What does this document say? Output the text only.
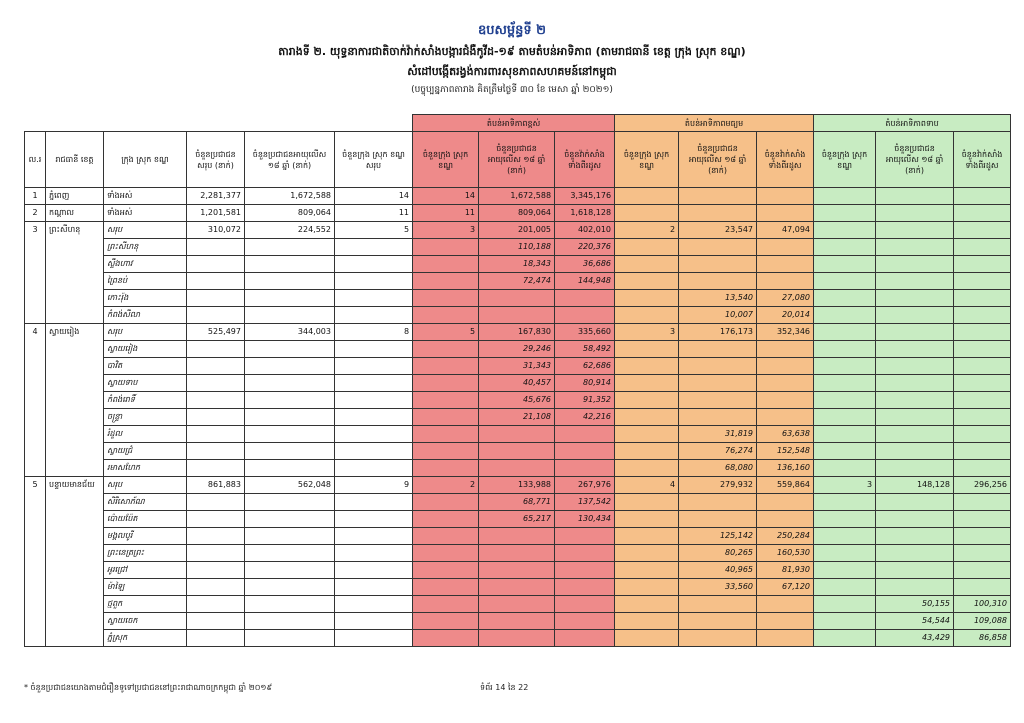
ឧបសម្ព័ន្ធទី ២
តារាងទី ២. យុទ្ធនាការជាតិចាក់វ៉ាក់សាំងបង្ការជំងឺកូវីដ-១៩ តាមតំបន់អាទិភាព (តាមរាជធានី ខេត្ត ក្រុង ស្រុក ខណ្ឌ)
សំដៅបង្កើតរង្វង់ការពារសុខភាពសហគមន៍នៅកម្ពុជា
(បច្ចុប្បន្នភាពតារាង គិតត្រឹមថ្ងៃទី ៣០ ខែ មេសា ឆ្នាំ ២០២១)
						តំបន់អាទិភាពខ្ពស់			តំបន់អាទិភាពមធ្យម			តំបន់អាទិភាពទាប		
ល.រ	រាជធានី ខេត្ត	ក្រុង ស្រុក ខណ្ឌ	ចំនួនប្រជាជនសរុប (នាក់)	ចំនួនប្រជាជនអាយុលើស ១៨ ឆ្នាំ (នាក់)	ចំនួនក្រុង ស្រុក ខណ្ឌសរុប	ចំនួនក្រុង ស្រុក ខណ្ឌ	ចំនួនប្រជាជនអាយុលើស ១៨ ឆ្នាំ (នាក់)	ចំនួនវ៉ាក់សាំងទាំងពីរដូស	ចំនួនក្រុង ស្រុក ខណ្ឌ	ចំនួនប្រជាជនអាយុលើស ១៨ ឆ្នាំ (នាក់)	ចំនួនវ៉ាក់សាំងទាំងពីរដូស	ចំនួនក្រុង ស្រុក ខណ្ឌ	ចំនួនប្រជាជនអាយុលើស ១៨ ឆ្នាំ (នាក់)	ចំនួនវ៉ាក់សាំងទាំងពីរដូស
1	ភ្នំពេញ	ទាំងអស់	2,281,377	1,672,588	14	14	1,672,588	3,345,176						
2	កណ្ដាល	ទាំងអស់	1,201,581	809,064	11	11	809,064	1,618,128						
3	ព្រះសីហនុ	សរុប	310,072	224,552	5	3	201,005	402,010	2	23,547	47,094			
		ព្រះសីហនុ					110,188	220,376						
		ស្ទឹងហាវ					18,343	36,686						
		ព្រៃនប់					72,474	144,948						
		កោះរ៉ុង								13,540	27,080			
		កំពង់សីលា								10,007	20,014			
4	ស្វាយរៀង	សរុប	525,497	344,003	8	5	167,830	335,660	3	176,173	352,346			
		ស្វាយរៀង					29,246	58,492						
		បាវិត					31,343	62,686						
		ស្វាយទាប					40,457	80,914						
		កំពង់រោទិ៍					45,676	91,352						
		ចន្ទ្រា					21,108	42,216						
		រំដួល								31,819	63,638			
		ស្វាយជ្រំ								76,274	152,548			
		រមាសហែក								68,080	136,160			
5	បន្ទាយមានជ័យ	សរុប	861,883	562,048	9	2	133,988	267,976	4	279,932	559,864	3	148,128	296,256
		សិរីសោភ័ណ					68,771	137,542						
		ប៉ោយប៉ែត					65,217	130,434						
		មង្គលបូរី								125,142	250,284			
		ព្រះនេត្រព្រះ								80,265	160,530			
		អូរជ្រៅ								40,965	81,930			
		ម៉ាឡៃ								33,560	67,120			
		ថ្មពួក											50,155	100,310
		ស្វាយចេក											54,544	109,088
		ភ្នំស្រុក											43,429	86,858
* ចំនួនប្រជាជនយោងតាមជំរឿនទូទៅប្រជាជននៅព្រះរាជាណាចក្រកម្ពុជា ឆ្នាំ ២០១៩	ទំព័រ 14 នៃ 22
